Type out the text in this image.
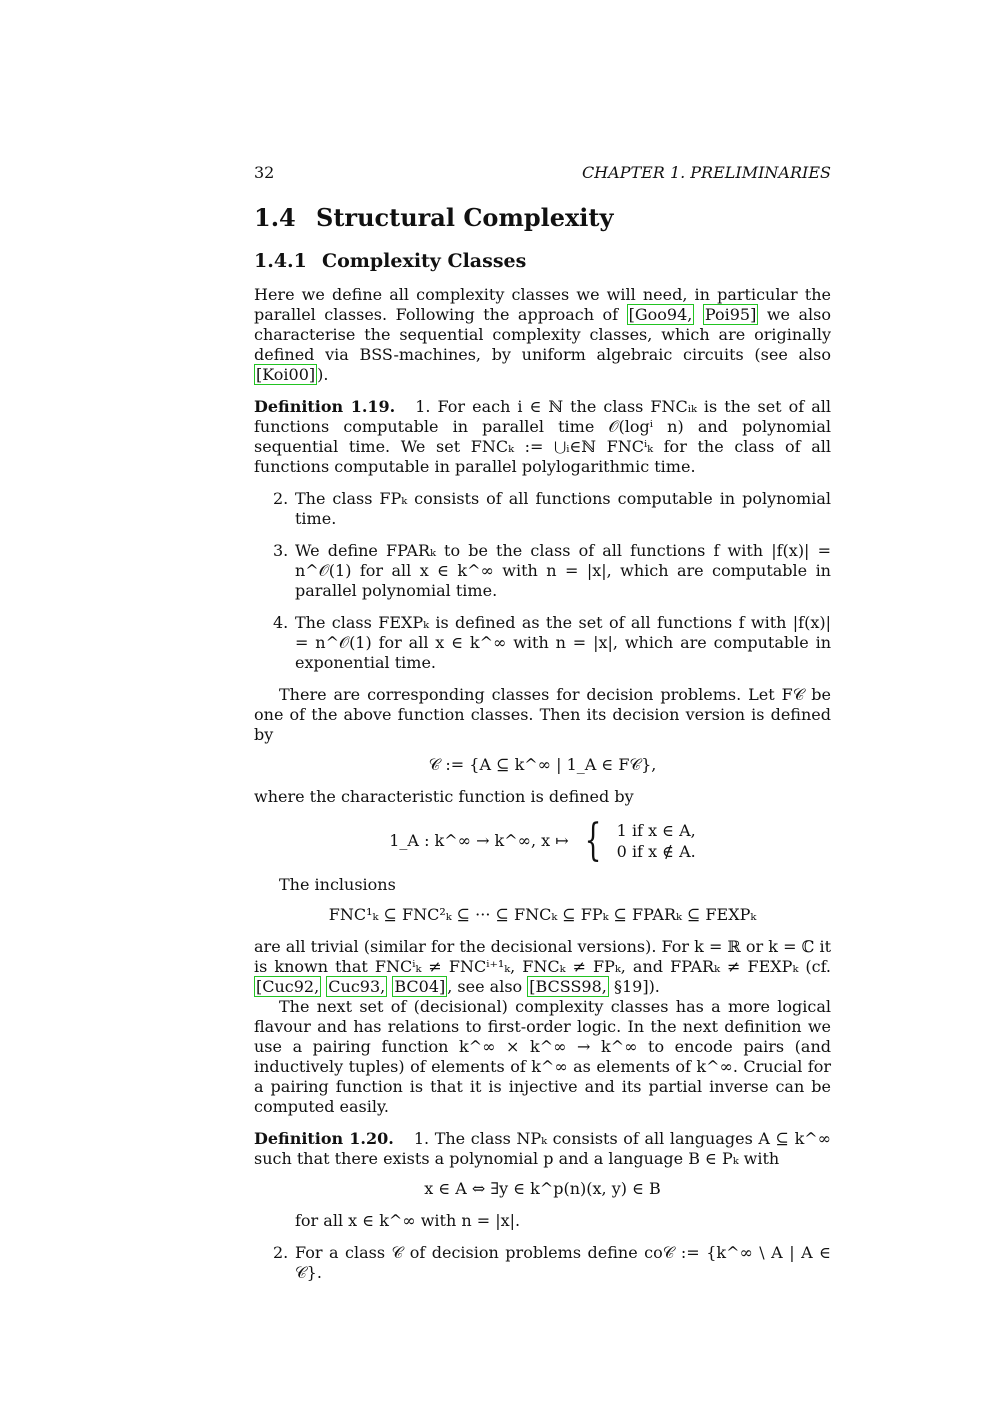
32	CHAPTER 1. PRELIMINARIES
1.4 Structural Complexity
1.4.1 Complexity Classes

Here we define all complexity classes we will need, in particular the parallel classes. Following the approach of [Goo94, Poi95] we also characterise the sequential complexity classes, which are originally defined via BSS-machines, by uniform algebraic circuits (see also [Koi00] ).

Definition 1.19. 1. For each i ∈ ℕ the class FNCᵢₖ is the set of all functions computable in parallel time 𝒪(logⁱ n) and polynomial sequential time. We set FNCₖ := ⋃ᵢ∈ℕ FNCⁱₖ for the class of all functions computable in parallel polylogarithmic time.

2. The class FPₖ consists of all functions computable in polynomial time.
3. We define FPARₖ to be the class of all functions f with |f(x)| = n^𝒪(1) for all x ∈ k^∞ with n = |x|, which are computable in parallel polynomial time.
4. The class FEXPₖ is defined as the set of all functions f with |f(x)| = n^𝒪(1) for all x ∈ k^∞ with n = |x|, which are computable in exponential time.

There are corresponding classes for decision problems. Let F𝒞 be one of the above function classes. Then its decision version is defined by

𝒞 := {A ⊆ k^∞ | 1_A ∈ F𝒞},

where the characteristic function is defined by

1_A : k^∞ → k^∞, x ↦ { 1 if x ∈ A,
0 if x ∉ A.

The inclusions

FNC¹ₖ ⊆ FNC²ₖ ⊆ ··· ⊆ FNCₖ ⊆ FPₖ ⊆ FPARₖ ⊆ FEXPₖ

are all trivial (similar for the decisional versions). For k = ℝ or k = ℂ it is known that FNCⁱₖ ≠ FNCⁱ⁺¹ₖ, FNCₖ ≠ FPₖ, and FPARₖ ≠ FEXPₖ (cf. [Cuc92, Cuc93, BC04] , see also [BCSS98, §19]).

The next set of (decisional) complexity classes has a more logical flavour and has relations to first-order logic. In the next definition we use a pairing function k^∞ × k^∞ → k^∞ to encode pairs (and inductively tuples) of elements of k^∞ as elements of k^∞. Crucial for a pairing function is that it is injective and its partial inverse can be computed easily.

Definition 1.20. 1. The class NPₖ consists of all languages A ⊆ k^∞ such that there exists a polynomial p and a language B ∈ Pₖ with

x ∈ A ⇔ ∃y ∈ k^p(n)(x, y) ∈ B

for all x ∈ k^∞ with n = |x|.

2. For a class 𝒞 of decision problems define co𝒞 := {k^∞ \ A | A ∈ 𝒞}.
